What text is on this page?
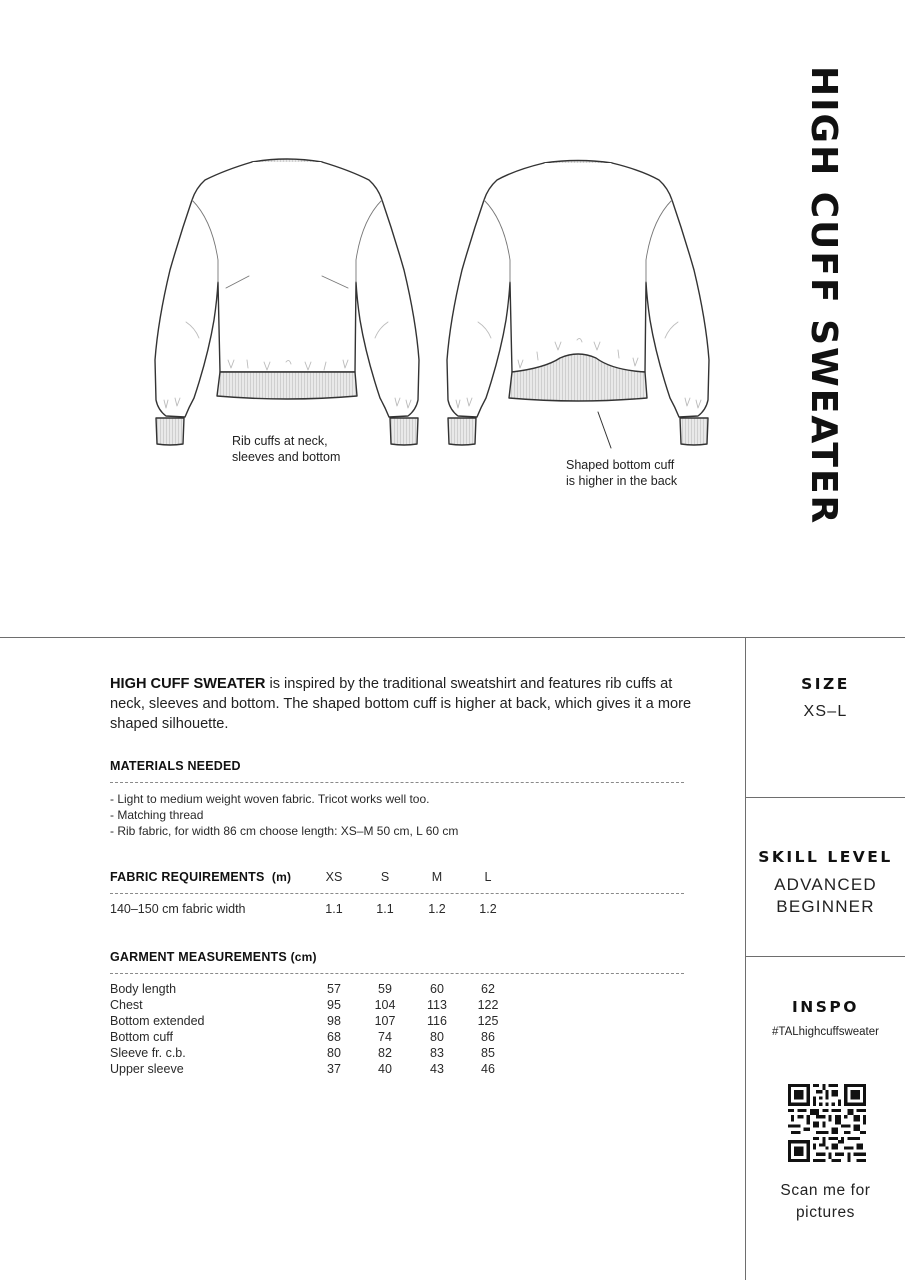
Rib cuffs at neck,
sleeves and bottom
Shaped bottom cuff
is higher in the back	HIGH CUFF SWEATER

HIGH CUFF SWEATER is inspired by the traditional sweatshirt and features rib cuffs at neck, sleeves and bottom. The shaped bottom cuff is higher at back, which gives it a more shaped silhouette.

MATERIALS NEEDED
- Light to medium weight woven fabric. Tricot works well too.
- Matching thread
- Rib fabric, for width 86 cm choose length: XS–M 50 cm, L 60 cm
FABRIC REQUIREMENTS (m)	XS	S	M	L
140–150 cm fabric width	1.1	1.1	1.2	1.2
GARMENT MEASUREMENTS (cm)
Body length	57	59	60	62
Chest	95	104	113	122
Bottom extended	98	107	116	125
Bottom cuff	68	74	80	86
Sleeve fr. c.b.	80	82	83	85
Upper sleeve	37	40	43	46
SIZE
XS–L
SKILL LEVEL
ADVANCED
BEGINNER
INSPO
#TALhighcuffsweater
Scan me for
pictures
